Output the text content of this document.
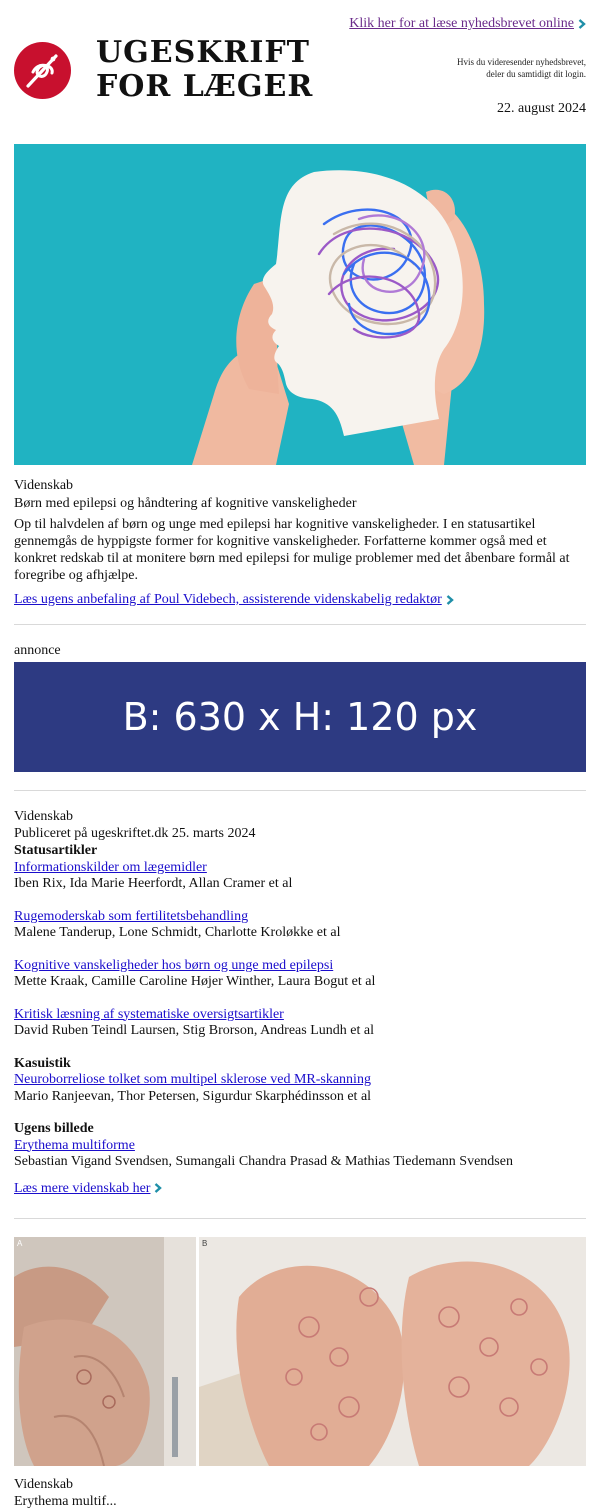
UGESKRIFT
FOR LÆGER
Klik her for at læse nyhedsbrevet online
Hvis du videresender nyhedsbrevet,
deler du samtidigt dit login.
22. august 2024
Videnskab
Børn med epilepsi og håndtering af kognitive vanskeligheder
Op til halvdelen af børn og unge med epilepsi har kognitive vanskeligheder. I en statusartikel gennemgås de hyppigste former for kognitive vanskeligheder. Forfatterne kommer også med et konkret redskab til at monitere børn med epilepsi for mulige problemer med det åbenbare formål at foregribe og afhjælpe.
Læs ugens anbefaling af Poul Videbech, assisterende videnskabelig redaktør
annonce
B: 630 x H: 120 px
Videnskab
Publiceret på ugeskriftet.dk 25. marts 2024
Statusartikler
Informationskilder om lægemidler
Iben Rix, Ida Marie Heerfordt, Allan Cramer et al
Rugemoderskab som fertilitetsbehandling
Malene Tanderup, Lone Schmidt, Charlotte Kroløkke et al
Kognitive vanskeligheder hos børn og unge med epilepsi
Mette Kraak, Camille Caroline Højer Winther, Laura Bogut et al
Kritisk læsning af systematiske oversigtsartikler
David Ruben Teindl Laursen, Stig Brorson, Andreas Lundh et al
Kasuistik
Neuroborreliose tolket som multipel sklerose ved MR-skanning
Mario Ranjeevan, Thor Petersen, Sigurdur Skarphédinsson et al
Ugens billede
Erythema multiforme
Sebastian Vigand Svendsen, Sumangali Chandra Prasad & Mathias Tiedemann Svendsen
Læs mere videnskab her
A	B
Videnskab
Erythema multif...
